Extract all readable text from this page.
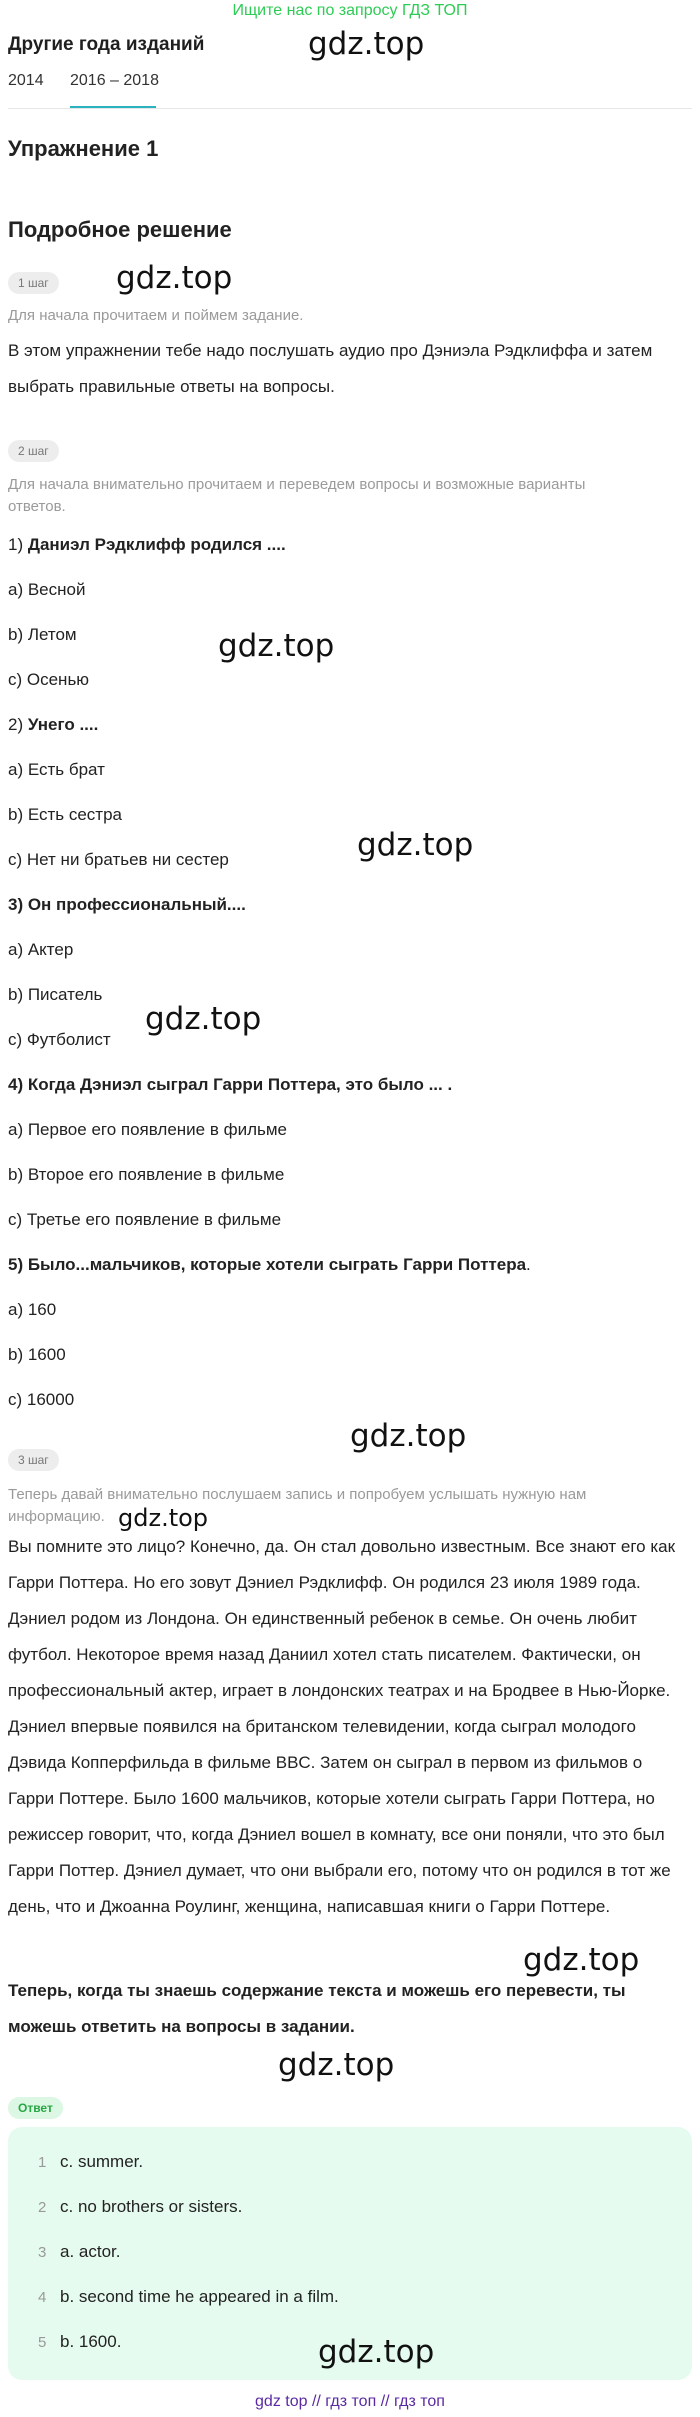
Ищите нас по запросу ГДЗ ТОП
Другие года изданий
2014 2016 – 2018
Упражнение 1
Подробное решение
1 шаг
Для начала прочитаем и поймем задание.
В этом упражнении тебе надо послушать аудио про Дэниэла Рэдклиффа и затем выбрать правильные ответы на вопросы.
2 шаг
Для начала внимательно прочитаем и переведем вопросы и возможные варианты ответов.
1) Даниэл Рэдклифф родился ....
a) Весной
b) Летом
c) Осенью
2) Унего ....
a) Есть брат
b) Есть сестра
c) Нет ни братьев ни сестер
3) Он профессиональный....
a) Актер
b) Писатель
c) Футболист
4) Когда Дэниэл сыграл Гарри Поттера, это было ... .
a) Первое его появление в фильме
b) Второе его появление в фильме
c) Третье его появление в фильме
5) Было...мальчиков, которые хотели сыграть Гарри Поттера.
a) 160
b) 1600
c) 16000
3 шаг
Теперь давай внимательно послушаем запись и попробуем услышать нужную нам информацию.
Вы помните это лицо? Конечно, да. Он стал довольно известным. Все знают его как Гарри Поттера. Но его зовут Дэниел Рэдклифф. Он родился 23 июля 1989 года. Дэниел родом из Лондона. Он единственный ребенок в семье. Он очень любит футбол. Некоторое время назад Даниил хотел стать писателем. Фактически, он профессиональный актер, играет в лондонских театрах и на Бродвее в Нью-Йорке. Дэниел впервые появился на британском телевидении, когда сыграл молодого Дэвида Копперфильда в фильме BBC. Затем он сыграл в первом из фильмов о Гарри Поттере. Было 1600 мальчиков, которые хотели сыграть Гарри Поттера, но режиссер говорит, что, когда Дэниел вошел в комнату, все они поняли, что это был Гарри Поттер. Дэниел думает, что они выбрали его, потому что он родился в тот же день, что и Джоанна Роулинг, женщина, написавшая книги о Гарри Поттере.
Теперь, когда ты знаешь содержание текста и можешь его перевести, ты можешь ответить на вопросы в задании.
Ответ
1 c. summer.
2 c. no brothers or sisters.
3 a. actor.
4 b. second time he appeared in a film.
5 b. 1600.
gdz top // гдз топ // гдз топ
gdz.top
gdz.top
gdz.top
gdz.top
gdz.top
gdz.top
gdz.top
gdz.top
gdz.top
gdz.top
